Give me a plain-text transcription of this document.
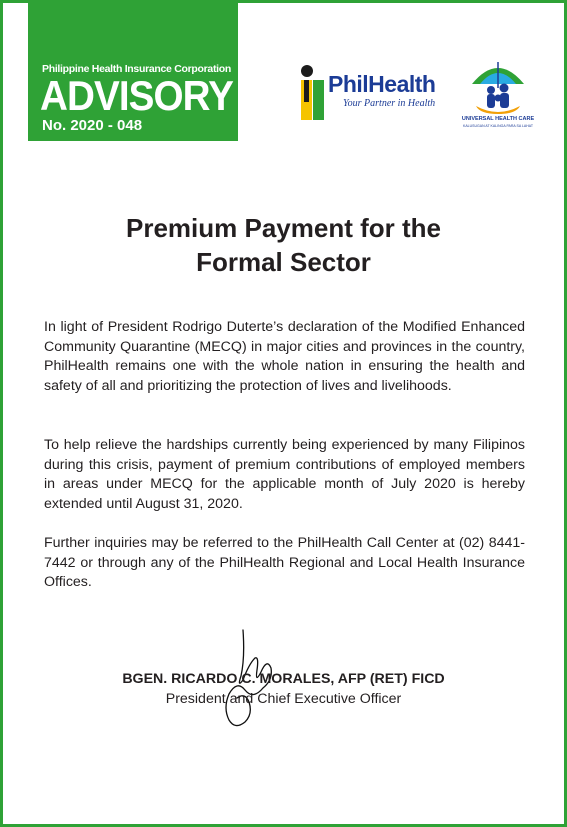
Philippine Health Insurance Corporation
ADVISORY
No. 2020 - 048
PhilHealth
Your Partner in Health
UNIVERSAL HEALTH CARE
KALUSUGAN AT KALINGA PARA SA LAHAT
Premium Payment for the
Formal Sector

In light of President Rodrigo Duterte’s declaration of the Modified Enhanced Community Quarantine (MECQ) in major cities and provinces in the country, PhilHealth remains one with the whole nation in ensuring the health and safety of all and prioritizing the protection of lives and livelihoods.

To help relieve the hardships currently being experienced by many Filipinos during this crisis, payment of premium contributions of employed members in areas under MECQ for the applicable month of July 2020 is hereby extended until August 31, 2020.

Further inquiries may be referred to the PhilHealth Call Center at (02) 8441-7442 or through any of the PhilHealth Regional and Local Health Insurance Offices.

BGEN. RICARDO C. MORALES, AFP (RET) FICD
President and Chief Executive Officer
